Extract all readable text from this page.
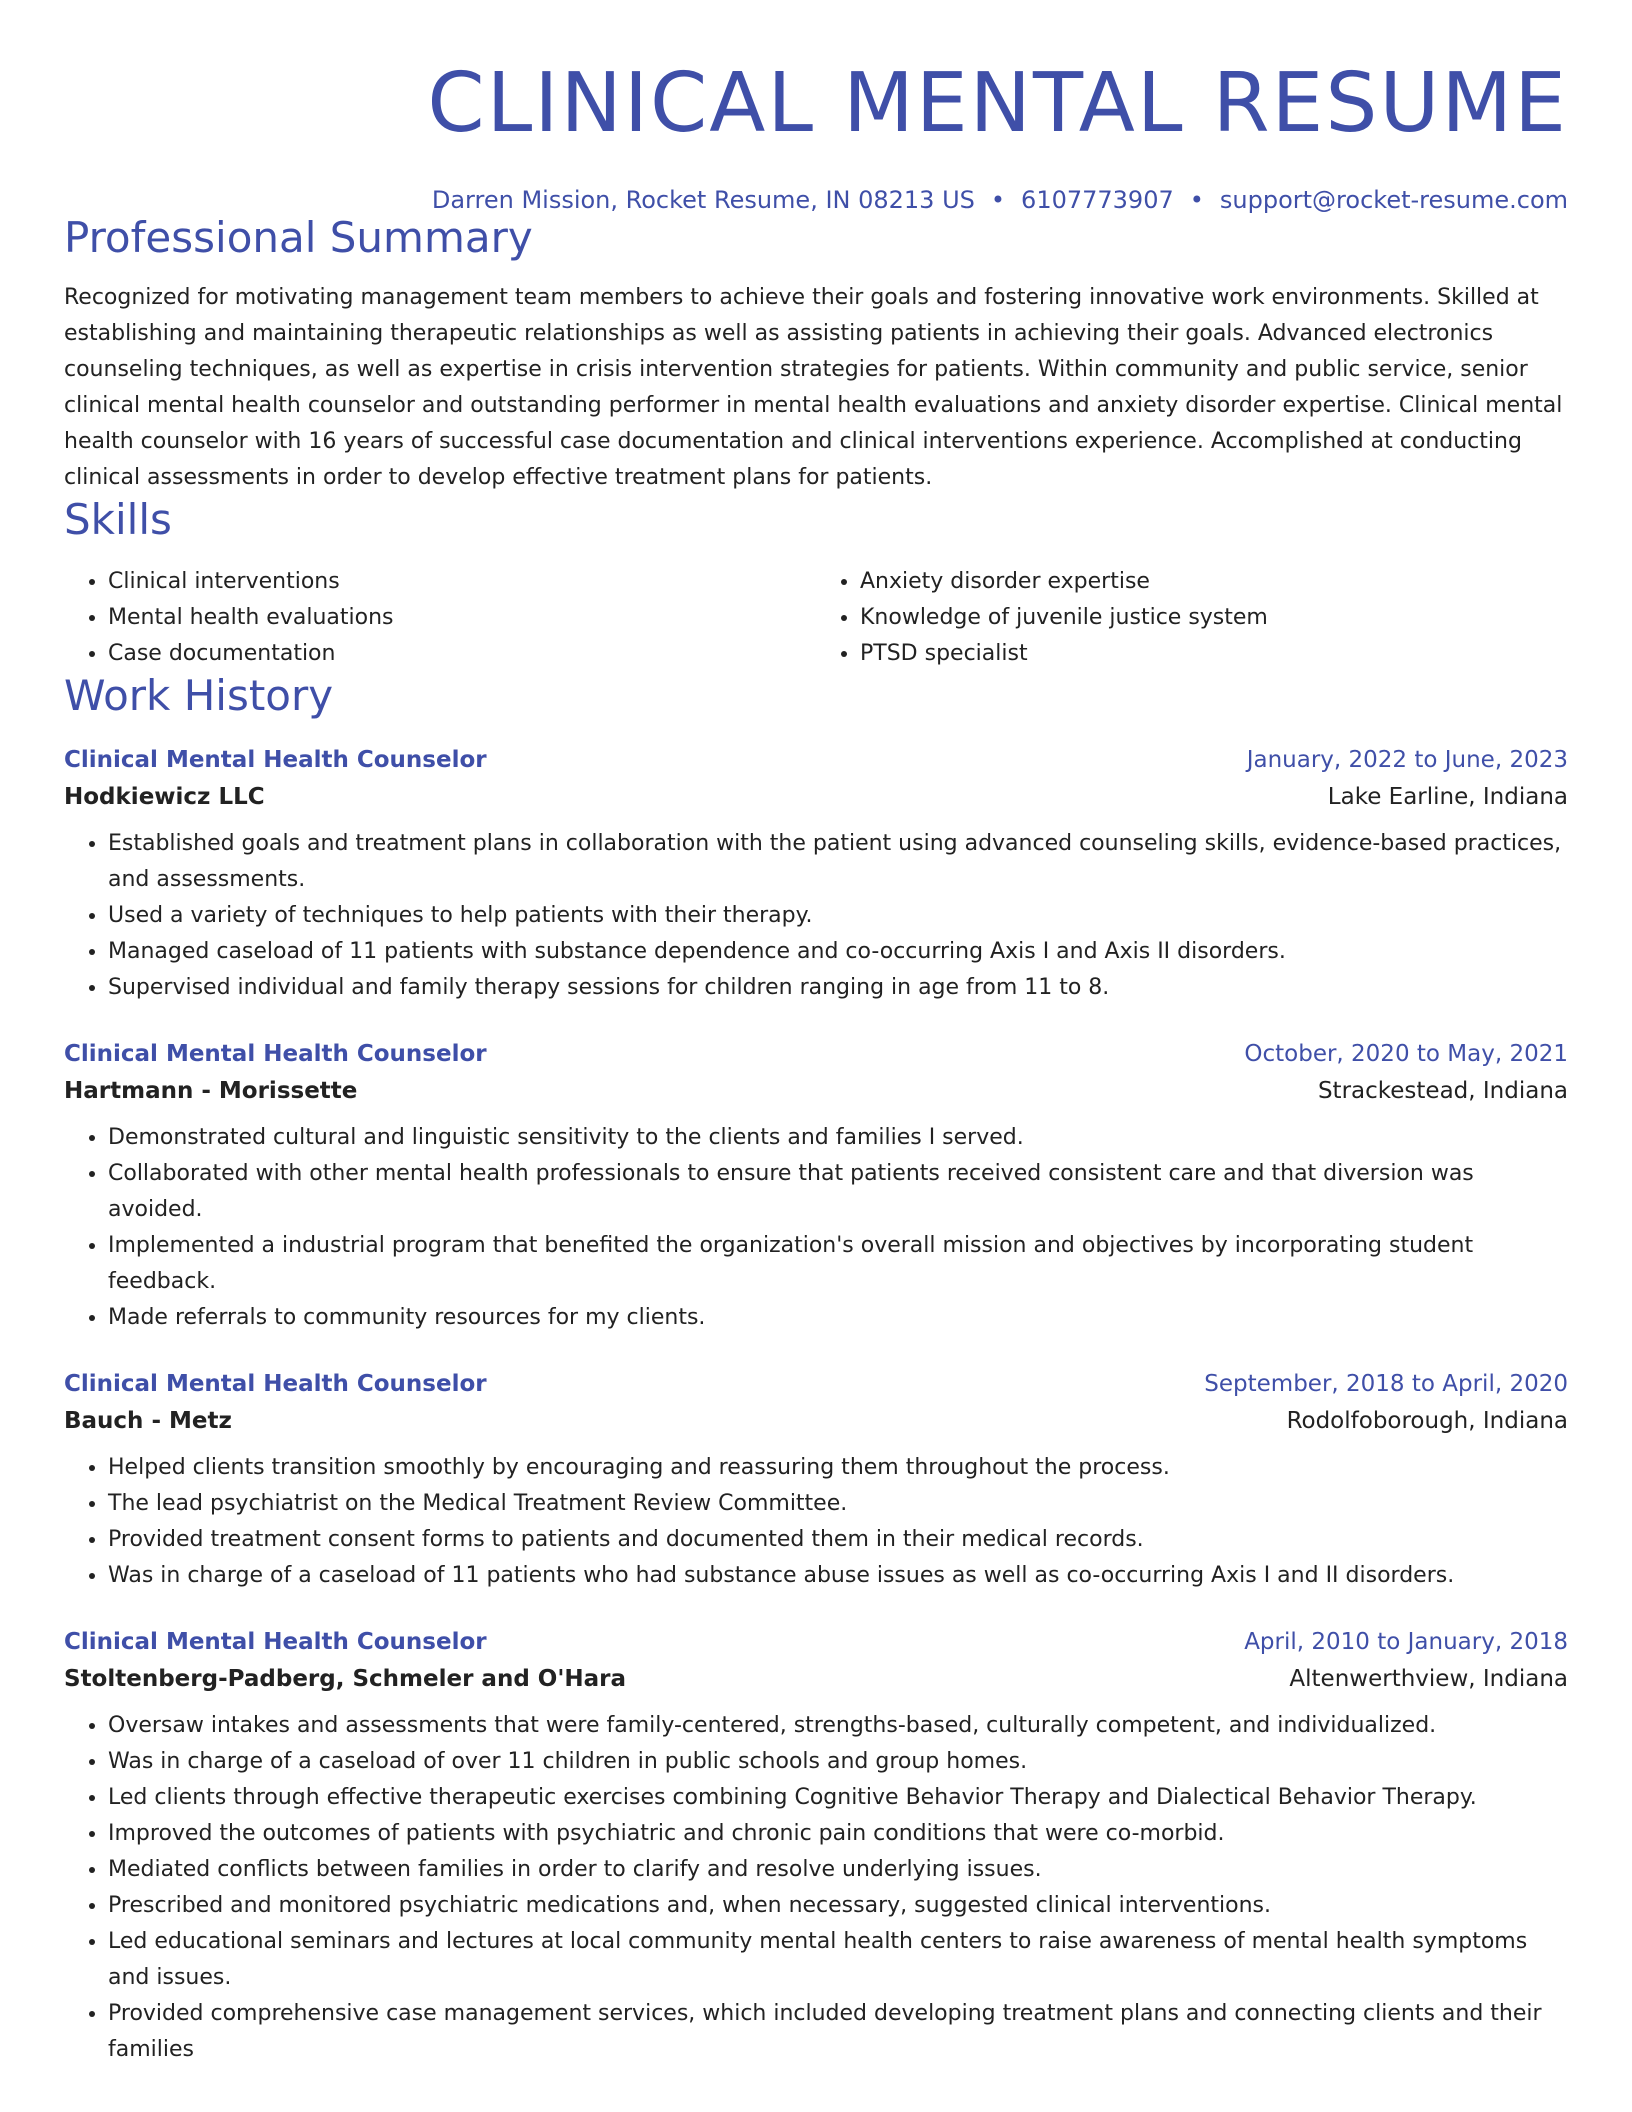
CLINICAL MENTAL RESUME
Darren Mission, Rocket Resume, IN 08213 US • 6107773907 • support@rocket-resume.com
Professional Summary

Recognized for motivating management team members to achieve their goals and fostering innovative work environments. Skilled at establishing and maintaining therapeutic relationships as well as assisting patients in achieving their goals. Advanced electronics counseling techniques, as well as expertise in crisis intervention strategies for patients. Within community and public service, senior clinical mental health counselor and outstanding performer in mental health evaluations and anxiety disorder expertise. Clinical mental health counselor with 16 years of successful case documentation and clinical interventions experience. Accomplished at conducting clinical assessments in order to develop effective treatment plans for patients.

Skills
• Clinical interventions
• Mental health evaluations
• Case documentation
• Anxiety disorder expertise
• Knowledge of juvenile justice system
• PTSD specialist
Work History
Clinical Mental Health Counselor	January, 2022 to June, 2023
Hodkiewicz LLC	Lake Earline, Indiana
• Established goals and treatment plans in collaboration with the patient using advanced counseling skills, evidence-based practices, and assessments.
• Used a variety of techniques to help patients with their therapy.
• Managed caseload of 11 patients with substance dependence and co-occurring Axis I and Axis II disorders.
• Supervised individual and family therapy sessions for children ranging in age from 11 to 8.
Clinical Mental Health Counselor	October, 2020 to May, 2021
Hartmann - Morissette	Strackestead, Indiana
• Demonstrated cultural and linguistic sensitivity to the clients and families I served.
• Collaborated with other mental health professionals to ensure that patients received consistent care and that diversion was avoided.
• Implemented a industrial program that benefited the organization's overall mission and objectives by incorporating student feedback.
• Made referrals to community resources for my clients.
Clinical Mental Health Counselor	September, 2018 to April, 2020
Bauch - Metz	Rodolfoborough, Indiana
• Helped clients transition smoothly by encouraging and reassuring them throughout the process.
• The lead psychiatrist on the Medical Treatment Review Committee.
• Provided treatment consent forms to patients and documented them in their medical records.
• Was in charge of a caseload of 11 patients who had substance abuse issues as well as co-occurring Axis I and II disorders.
Clinical Mental Health Counselor	April, 2010 to January, 2018
Stoltenberg-Padberg, Schmeler and O'Hara	Altenwerthview, Indiana
• Oversaw intakes and assessments that were family-centered, strengths-based, culturally competent, and individualized.
• Was in charge of a caseload of over 11 children in public schools and group homes.
• Led clients through effective therapeutic exercises combining Cognitive Behavior Therapy and Dialectical Behavior Therapy.
• Improved the outcomes of patients with psychiatric and chronic pain conditions that were co-morbid.
• Mediated conflicts between families in order to clarify and resolve underlying issues.
• Prescribed and monitored psychiatric medications and, when necessary, suggested clinical interventions.
• Led educational seminars and lectures at local community mental health centers to raise awareness of mental health symptoms and issues.
• Provided comprehensive case management services, which included developing treatment plans and connecting clients and their families
